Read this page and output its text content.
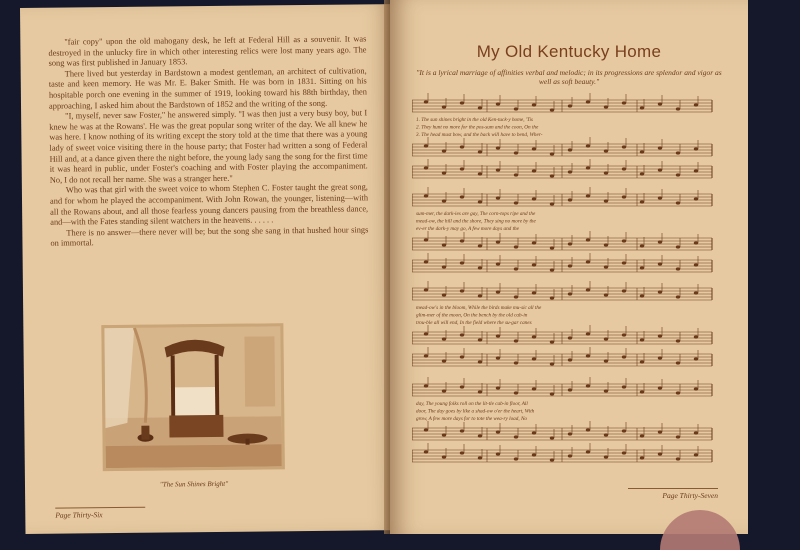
"fair copy" upon the old mahogany desk, he left at Federal Hill as a souvenir. It was destroyed in the unlucky fire in which other interesting relics were lost many years ago. The song was first published in January 1853.

There lived but yesterday in Bardstown a modest gentleman, an architect of cultivation, taste and keen memory. He was Mr. E. Baker Smith. He was born in 1831. Sitting on his hospitable porch one evening in the summer of 1919, looking toward his 88th birthday, then approaching, I asked him about the Bardstown of 1852 and the writing of the song.

"I, myself, never saw Foster," he answered simply. "I was then just a very busy boy, but I knew he was at the Rowans'. He was the great popular song writer of the day. We all knew he was here. I know nothing of its writing except the story told at the time that there was a young lady of sweet voice visiting there in the house party; that Foster had written a song of Federal Hill and, at a dance given there the night before, the young lady sang the song for the first time it was heard in public, under Foster's coaching and with Foster playing the accompaniment. No, I do not recall her name. She was a stranger here."

Who was that girl with the sweet voice to whom Stephen C. Foster taught the great song, and for whom he played the accompaniment. With John Rowan, the younger, listening—with all the Rowans about, and all those fearless young dancers pausing from the breathless dance, and—with the Fates standing silent watchers in the heavens. . . . . .

There is no answer—there never will be; but the song she sang in that hushed hour sings on immortal.

"The Sun Shines Bright"
Page Thirty-Six
My Old Kentucky Home
"It is a lyrical marriage of affinities verbal and melodic; in its progressions are splendor and vigor as well as soft beauty."
1. The sun shines bright in the old Ken-tuck-y home, 'Tis
2. They hunt no more for the pos-sum and the coon, On the
3. The head must bow, and the back will have to bend, Wher-
sum-mer, the dark-ies are gay, The corn-tops ripe and the
mead-ow, the hill and the shore, They sing no more by the
ev-er the dark-y may go, A few more days and the
mead-ow's in the bloom, While the birds make mu-sic all the
glim-mer of the moon, On the bench by the old cab-in
trou-ble all will end, In the field where the su-gar canes
day, The young folks roll on the lit-tle cab-in floor, All
door, The day goes by like a shad-ow o'er the heart, With
grow, A few more days for to tote the wea-ry load, No
Page Thirty-Seven
